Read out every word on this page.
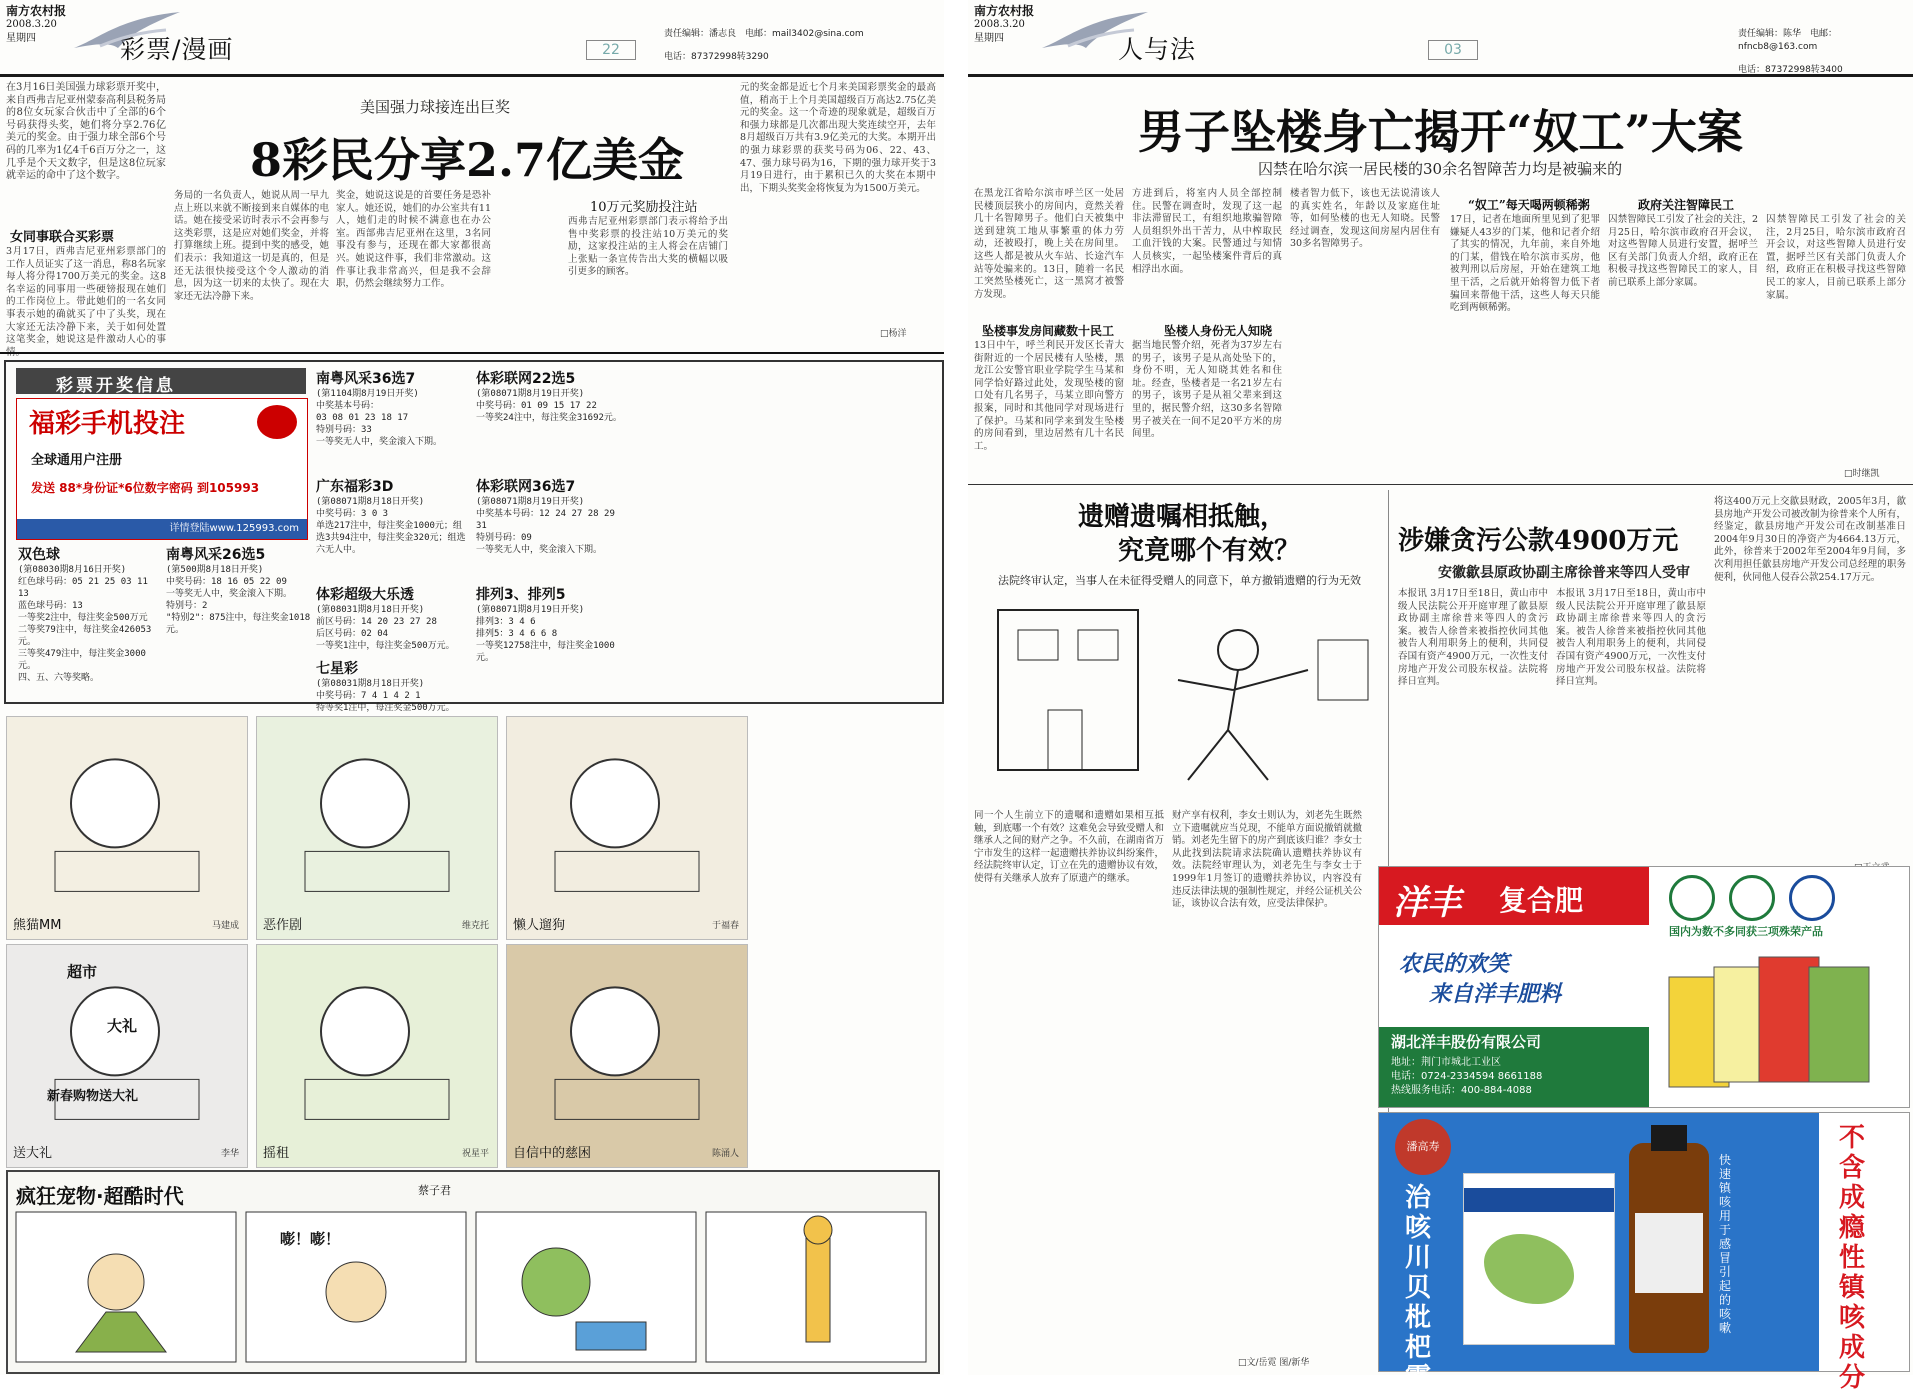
南方农村报
2008.3.20
星期四	彩票/漫画	22
责任编辑：潘志良　电邮：mail3402@sina.com
电话：87372998转3290
在3月16日美国强力球彩票开奖中，来自西弗吉尼亚州蒙泰高利县税务局的8位女玩家合伙击中了全部的6个号码获得头奖，她们将分享2.76亿美元的奖金。由于强力球全部6个号码的几率为1亿4千6百万分之一，这几乎是个天文数字，但是这8位玩家就幸运的命中了这个数字。
女同事联合买彩票
3月17日，西弗吉尼亚州彩票部门的工作人员证实了这一消息，称8名玩家每人将分得1700万美元的奖金。这8名幸运的同事用一些硬镑报现在她们的工作岗位上。带此她们的一名女同事表示她的确就买了中了头奖，现在大家还无法冷静下来，关于如何处置这笔奖金，她说这是件激动人心的事
美国强力球接连出巨奖
8彩民分享2.7亿美金
务局的一名负责人，她说从周一早九点上班以来就不断接到来自媒体的电话。她在接受采访时表示不会再参与这类彩票，这是应对她们奖金，并将打算继续上班。提到中奖的感受，她们表示：我知道这一切是真的，但是还无法很快接受这个令人激动的消息，因为这一切来的太快了。现在大家还无法冷静下来。
奖金，她说这说是的首要任务是恐补家人。她还说，她们的办公室共有11人，她们走的时候不满意也在办公室。西部弗吉尼亚州在这里，3名同事没有参与，还现在都大家都很高兴。她说这件事，我们非常激动。这件事让我非常高兴，但是我不会辞职，仍然会继续努力工作。
10万元奖励投注站
西弗吉尼亚州彩票部门表示将给予出售中奖彩票的投注站10万美元的奖励，这家投注站的主人将会在店铺门上张贴一条宣传告出大奖的横幅以吸引更多的顾客。
元的奖金都是近七个月来美国彩票奖金的最高值，稍高于上个月美国超级百万高达2.75亿美元的奖金。这一个奇迹的现象就是，超级百万和强力球都是几次都出现大奖连续空开，去年8月超级百万共有3.9亿美元的大奖。本期开出的强力球彩票的获奖号码为06、22、43、47、强力球号码为16，下期的强力球开奖于3月19日进行，由于累积已久的大奖在本期中出，下期头奖奖金将恢复为为1500万美元。
□杨洋
彩票开奖信息
福彩手机投注
全球通用户注册
发送 88*身份证*6位数字密码 到105993
详情登陆www.125993.com
双色球
(第08030期8月16日开奖)
红色球号码：05 21 25 03 11 13
蓝色球号码：13
一等奖2注中，每注奖金500万元
二等奖79注中，每注奖金426053元。
三等奖479注中，每注奖金3000元。
四、五、六等奖略。
南粤风采26选5
(第500期8月18日开奖)
中奖号码：18 16 05 22 09
一等奖无人中，奖金滚入下期。
特别号：2
"特别2"：875注中，每注奖金1018元。
南粤风采36选7
(第1104期8月19日开奖)
中奖基本号码：
03 08 01 23 18 17
特别号码：33
一等奖无人中，奖金滚入下期。
广东福彩3D
(第08071期8月18日开奖)
中奖号码：3 0 3
单选217注中，每注奖金1000元；组选3共94注中，每注奖金320元；组选六无人中。
体彩超级大乐透
(第08031期8月18日开奖)
前区号码：14 20 23 27 28
后区号码：02 04
一等奖1注中，每注奖金500万元。
七星彩
(第08031期8月18日开奖)
中奖号码：7 4 1 4 2 1
特等奖1注中，每注奖金500万元。
体彩联网22选5
(第08071期8月19日开奖)
中奖号码：01 09 15 17 22
一等奖24注中，每注奖金31692元。
体彩联网36选7
(第08071期8月19日开奖)
中奖基本号码：12 24 27 28 29 31
特别号码：09
一等奖无人中，奖金滚入下期。
排列3、排列5
(第08071期8月19日开奖)
排列3：3 4 6
排列5：3 4 6 6 8
一等奖12758注中，每注奖金1000元。
熊猫MM	马建成 恶作剧	维克托 懒人遛狗	于福春
超市
大礼
新春购物送大礼
送大礼	李华 摇租	祝星平 自信中的慈困	陈涌人
疯狂宠物·超酷时代	蔡子君
嘭！嘭！
南方农村报
2008.3.20
星期四	人与法	03
责任编辑：陈华　电邮：nfncb8@163.com
电话：87372998转3400
男子坠楼身亡揭开“奴工”大案
囚禁在哈尔滨一居民楼的30余名智障苦力均是被骗来的
在黑龙江省哈尔滨市呼兰区一处居民楼顶层狭小的房间内，竟然关着几十名智障男子。他们白天被集中送到建筑工地从事繁重的体力劳动，还被殴打，晚上关在房间里。这些人都是被从火车站、长途汽车站等处骗来的。13日，随着一名民工突然坠楼死亡，这一黑窝才被警方发现。
坠楼事发房间藏数十民工
13日中午，呼兰利民开发区长青大街附近的一个居民楼有人坠楼，黑龙江公安警官职业学院学生马某和同学恰好路过此处，发现坠楼的窗口处有几名男子，马某立即向警方报案，同时和其他同学对现场进行了保护。马某和同学来到发生坠楼的房间看到，里边居然有几十名民工。
方进到后，将室内人员全部控制住。民警在调查时，发现了这一起非法滞留民工，有组织地欺骗智障人员组织外出干苦力，从中榨取民工血汗钱的大案。民警通过与知情人员核实，一起坠楼案件背后的真相浮出水面。
坠楼人身份无人知晓
据当地民警介绍，死者为37岁左右的男子，该男子是从高处坠下的，身份不明，无人知晓其姓名和住址。经查，坠楼者是一名21岁左右的男子，该男子是从祖父辈来到这里的，据民警介绍，这30多名智障男子被关在一间不足20平方米的房间里。
楼者智力低下，该也无法说清该人的真实姓名，年龄以及家庭住址等，如何坠楼的也无人知晓。民警经过调查，发现这间房屋内居住有30多名智障男子。
“奴工”每天喝两顿稀粥
17日，记者在地面所里见到了犯罪嫌疑人43岁的门某，他和记者介绍了其实的情况，九年前，来自外地的门某，借钱在哈尔滨市买房，他被判刑以后房屋，开始在建筑工地里干活，之后就开始将智力低下者骗回来帮他干活，这些人每天只能吃到两顿稀粥。
政府关注智障民工
囚禁智障民工引发了社会的关注，2月25日，哈尔滨市政府召开会议，对这些智障人员进行安置，据呼兰区有关部门负责人介绍，政府正在积极寻找这些智障民工的家人，目前已联系上部分家属。
囚禁智障民工引发了社会的关注，2月25日，哈尔滨市政府召开会议，对这些智障人员进行安置，据呼兰区有关部门负责人介绍，政府正在积极寻找这些智障民工的家人，目前已联系上部分家属。
□时继凯
遗赠遗嘱相抵触，
究竟哪个有效？
法院终审认定，当事人在未征得受赠人的同意下，单方撤销遗赠的行为无效
同一个人生前立下的遗嘱和遗赠如果相互抵触，到底哪一个有效？这难免会导致受赠人和继承人之间的财产之争。不久前，在湖南省万宁市发生的这样一起遗赠扶养协议纠纷案件，经法院终审认定，订立在先的遗赠协议有效，使得有关继承人放弃了原遗产的继承。
财产享有权利，李女士则认为，刘老先生既然立下遗嘱就应当兑现，不能单方面说撤销就撤销。刘老先生留下的房产到底该归谁？李女士从此找到法院请求法院确认遗赠扶养协议有效。法院经审理认为，刘老先生与李女士于1999年1月签订的遗赠扶养协议，内容没有违反法律法规的强制性规定，并经公证机关公证，该协议合法有效，应受法律保护。
□文/岳霓 图/新华
涉嫌贪污公款4900万元
安徽歙县原政协副主席徐普来等四人受审
本报讯 3月17日至18日，黄山市中级人民法院公开开庭审理了歙县原政协副主席徐普来等四人的贪污案。被告人徐普来被指控伙同其他被告人利用职务上的便利，共同侵吞国有资产4900万元，一次性支付房地产开发公司股东权益。法院将择日宣判。
本报讯 3月17日至18日，黄山市中级人民法院公开开庭审理了歙县原政协副主席徐普来等四人的贪污案。被告人徐普来被指控伙同其他被告人利用职务上的便利，共同侵吞国有资产4900万元，一次性支付房地产开发公司股东权益。法院将择日宣判。
将这400万元上交歙县财政，2005年3月，歙县房地产开发公司被改制为徐普来个人所有，经鉴定，歙县房地产开发公司在改制基准日2004年9月30日的净资产为4664.13万元，此外，徐普来于2002年至2004年9月间，多次利用担任歙县房地产开发公司总经理的职务便利，伙同他人侵吞公款254.17万元。
洋丰 复合肥
国内为数不多同获三项殊荣产品
农民的欢笑
来自洋丰肥料
湖北洋丰股份有限公司
地址：荆门市城北工业区
电话：0724-2334594 8661188
热线服务电话：400-884-4088
潘高寿
治咳川贝枇杷露
快速镇咳 用于感冒引起的咳嗽
不含成瘾性镇咳成分
